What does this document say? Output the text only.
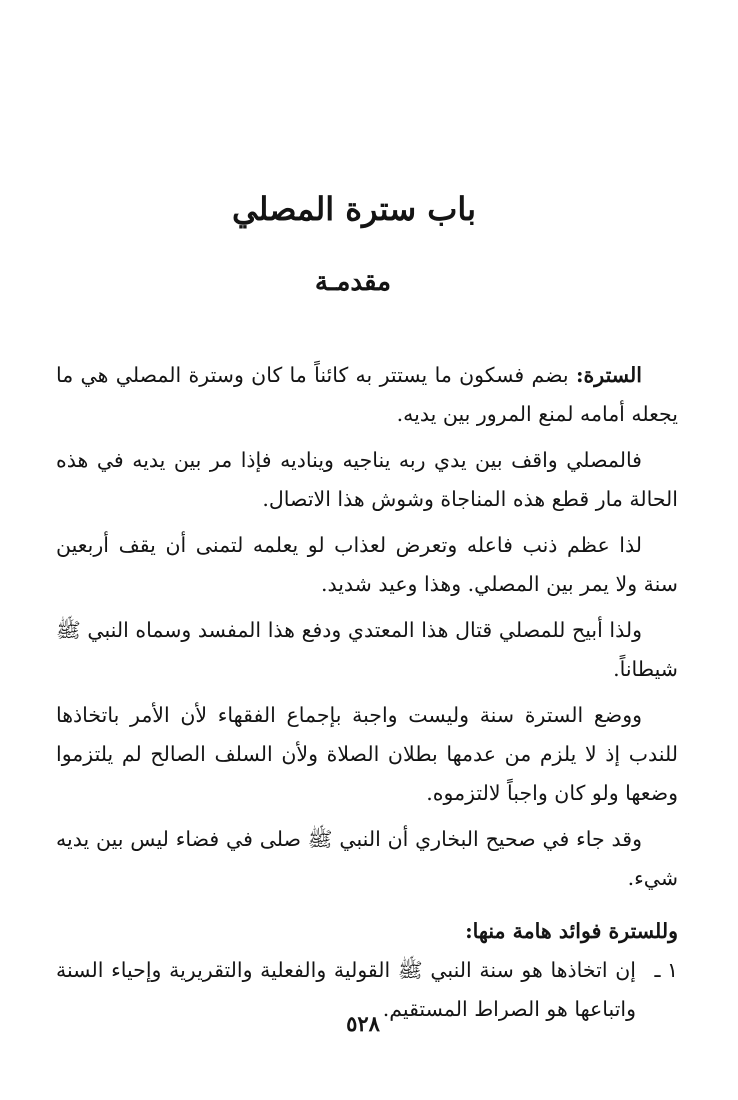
باب سترة المصلي
مقدمـة

السترة: بضم فسكون ما يستتر به كائناً ما كان وسترة المصلي هي ما يجعله أمامه لمنع المرور بين يديه.

فالمصلي واقف بين يدي ربه يناجيه ويناديه فإذا مر بين يديه في هذه الحالة مار قطع هذه المناجاة وشوش هذا الاتصال.

لذا عظم ذنب فاعله وتعرض لعذاب لو يعلمه لتمنى أن يقف أربعين سنة ولا يمر بين المصلي. وهذا وعيد شديد.

ولذا أبيح للمصلي قتال هذا المعتدي ودفع هذا المفسد وسماه النبي ﷺ شيطاناً.

ووضع السترة سنة وليست واجبة بإجماع الفقهاء لأن الأمر باتخاذها للندب إذ لا يلزم من عدمها بطلان الصلاة ولأن السلف الصالح لم يلتزموا وضعها ولو كان واجباً لالتزموه.

وقد جاء في صحيح البخاري أن النبي ﷺ صلى في فضاء ليس بين يديه شيء.

وللسترة فوائد هامة منها:

١ ـإن اتخاذها هو سنة النبي ﷺ القولية والفعلية والتقريرية وإحياء السنة واتباعها هو الصراط المستقيم.

٥٢٨
